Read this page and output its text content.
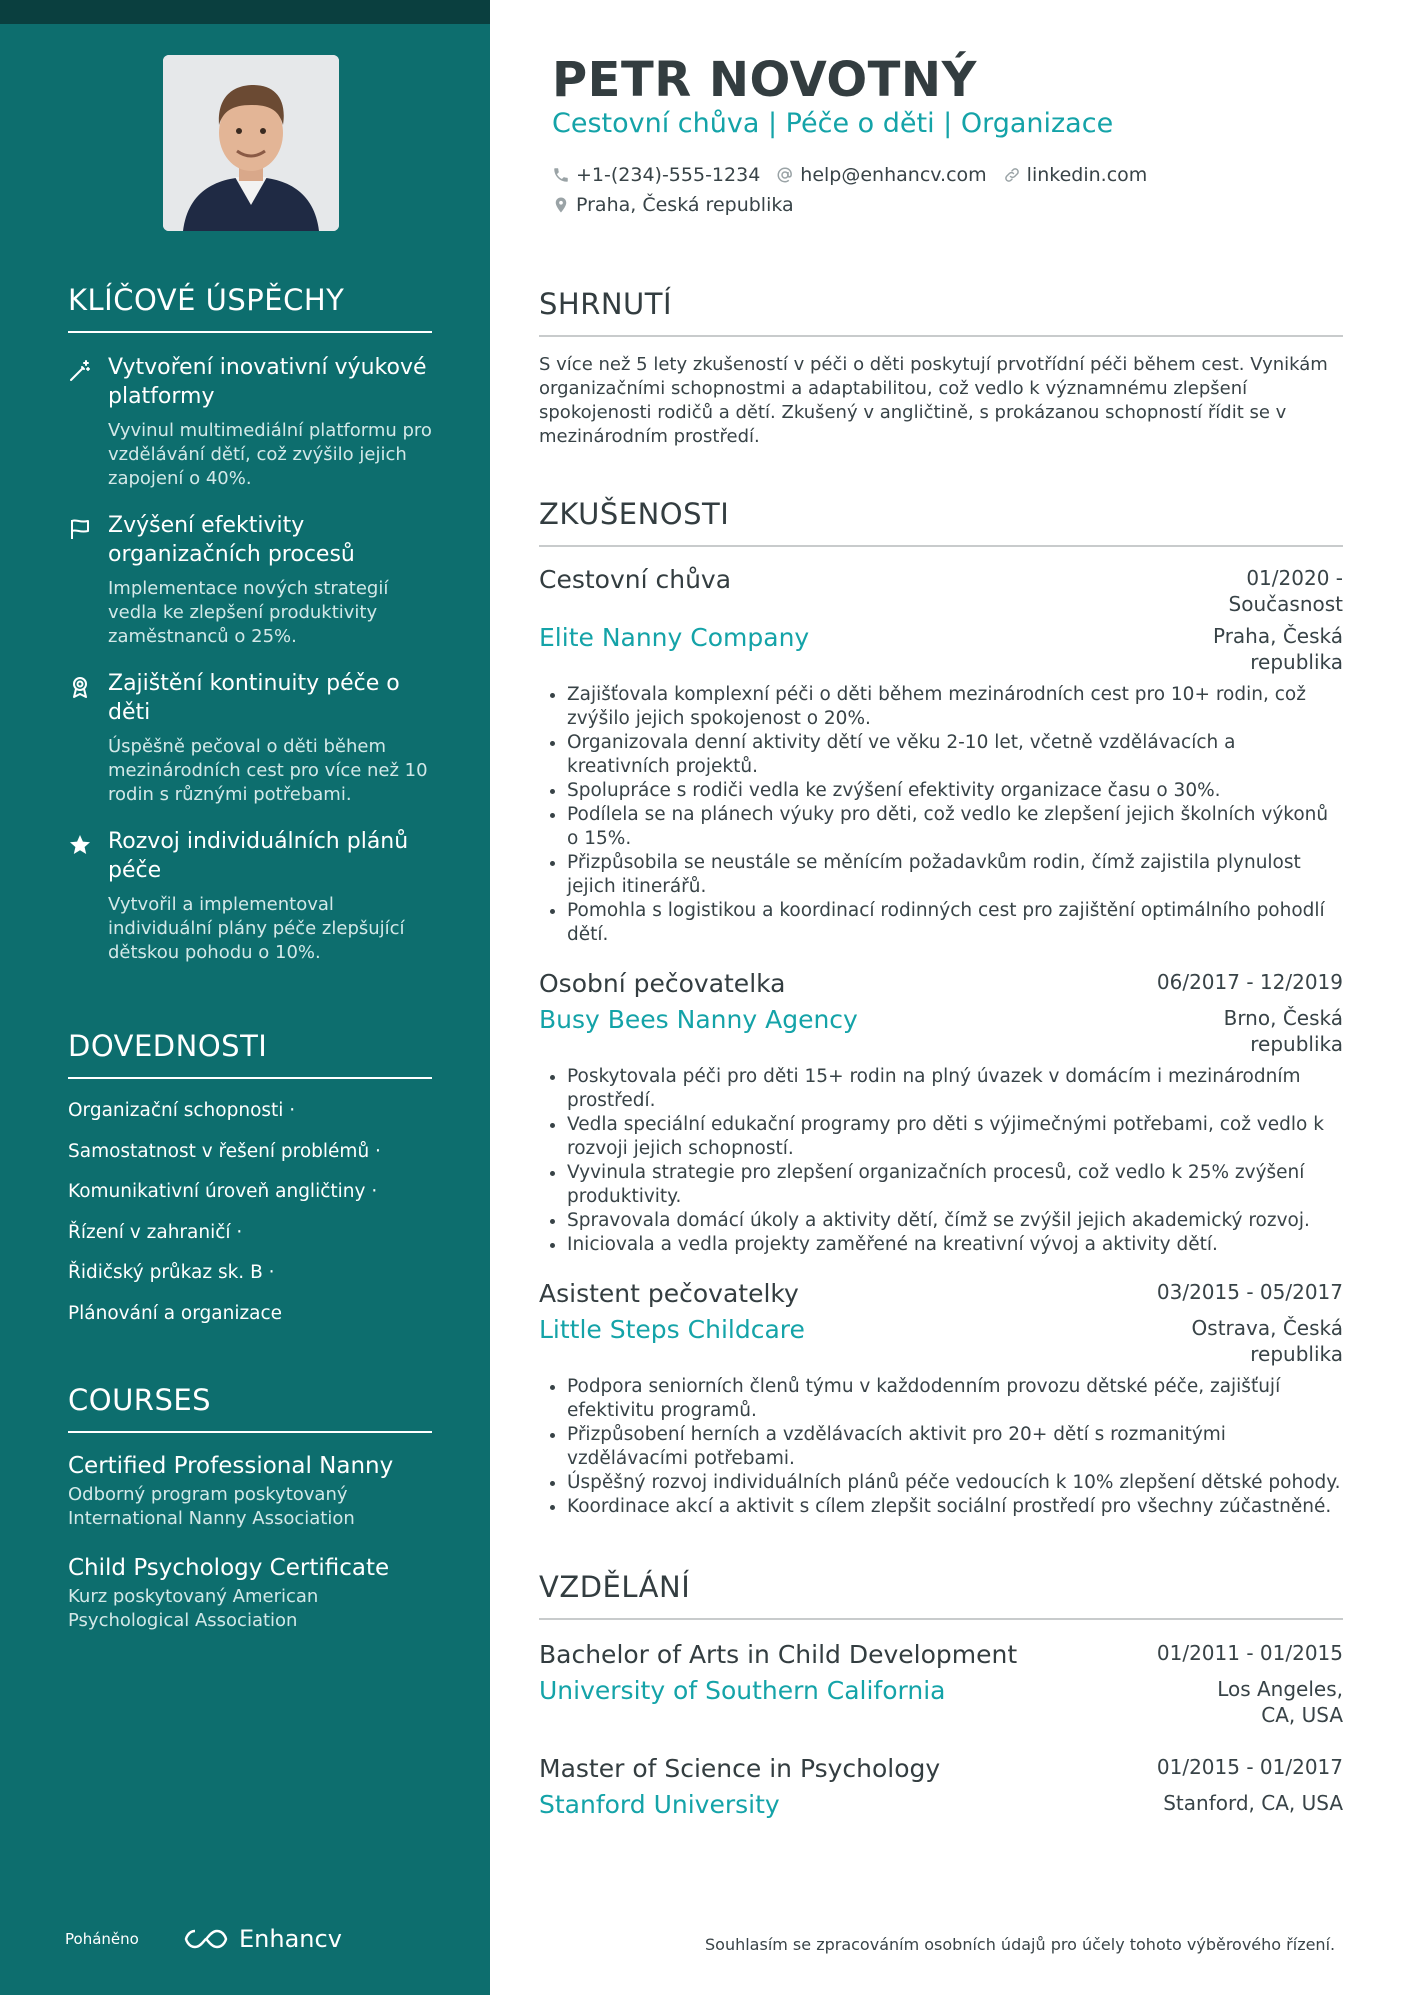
KLÍČOVÉ ÚSPĚCHY
Vytvoření inovativní výukové platformy
Vyvinul multimediální platformu pro vzdělávání dětí, což zvýšilo jejich zapojení o 40%.
Zvýšení efektivity organizačních procesů
Implementace nových strategií vedla ke zlepšení produktivity zaměstnanců o 25%.
Zajištění kontinuity péče o děti
Úspěšně pečoval o děti během mezinárodních cest pro více než 10 rodin s různými potřebami.
Rozvoj individuálních plánů péče
Vytvořil a implementoval individuální plány péče zlepšující dětskou pohodu o 10%.
DOVEDNOSTI
Organizační schopnosti ·
Samostatnost v řešení problémů ·
Komunikativní úroveň angličtiny ·
Řízení v zahraničí ·
Řidičský průkaz sk. B ·
Plánování a organizace
COURSES
Certified Professional Nanny
Odborný program poskytovaný International Nanny Association
Child Psychology Certificate
Kurz poskytovaný American Psychological Association
Poháněno	Enhancv
PETR NOVOTNÝ
Cestovní chůva | Péče o děti | Organizace
+1-(234)-555-1234 help@enhancv.com linkedin.com
Praha, Česká republika
SHRNUTÍ
S více než 5 lety zkušeností v péči o děti poskytují prvotřídní péči během cest. Vynikám organizačními schopnostmi a adaptabilitou, což vedlo k významnému zlepšení spokojenosti rodičů a dětí. Zkušený v angličtině, s prokázanou schopností řídit se v mezinárodním prostředí.
ZKUŠENOSTI
Cestovní chůva	01/2020 - Současnost
Elite Nanny Company	Praha, Česká republika
• Zajišťovala komplexní péči o děti během mezinárodních cest pro 10+ rodin, což zvýšilo jejich spokojenost o 20%.
• Organizovala denní aktivity dětí ve věku 2-10 let, včetně vzdělávacích a kreativních projektů.
• Spolupráce s rodiči vedla ke zvýšení efektivity organizace času o 30%.
• Podílela se na plánech výuky pro děti, což vedlo ke zlepšení jejich školních výkonů o 15%.
• Přizpůsobila se neustále se měnícím požadavkům rodin, čímž zajistila plynulost jejich itinerářů.
• Pomohla s logistikou a koordinací rodinných cest pro zajištění optimálního pohodlí dětí.
Osobní pečovatelka	06/2017 - 12/2019
Busy Bees Nanny Agency	Brno, Česká republika
• Poskytovala péči pro děti 15+ rodin na plný úvazek v domácím i mezinárodním prostředí.
• Vedla speciální edukační programy pro děti s výjimečnými potřebami, což vedlo k rozvoji jejich schopností.
• Vyvinula strategie pro zlepšení organizačních procesů, což vedlo k 25% zvýšení produktivity.
• Spravovala domácí úkoly a aktivity dětí, čímž se zvýšil jejich akademický rozvoj.
• Iniciovala a vedla projekty zaměřené na kreativní vývoj a aktivity dětí.
Asistent pečovatelky	03/2015 - 05/2017
Little Steps Childcare	Ostrava, Česká republika
• Podpora seniorních členů týmu v každodenním provozu dětské péče, zajišťují efektivitu programů.
• Přizpůsobení herních a vzdělávacích aktivit pro 20+ dětí s rozmanitými vzdělávacími potřebami.
• Úspěšný rozvoj individuálních plánů péče vedoucích k 10% zlepšení dětské pohody.
• Koordinace akcí a aktivit s cílem zlepšit sociální prostředí pro všechny zúčastněné.
VZDĚLÁNÍ
Bachelor of Arts in Child Development	01/2011 - 01/2015
University of Southern California	Los Angeles, CA, USA
Master of Science in Psychology	01/2015 - 01/2017
Stanford University	Stanford, CA, USA
Souhlasím se zpracováním osobních údajů pro účely tohoto výběrového řízení.
